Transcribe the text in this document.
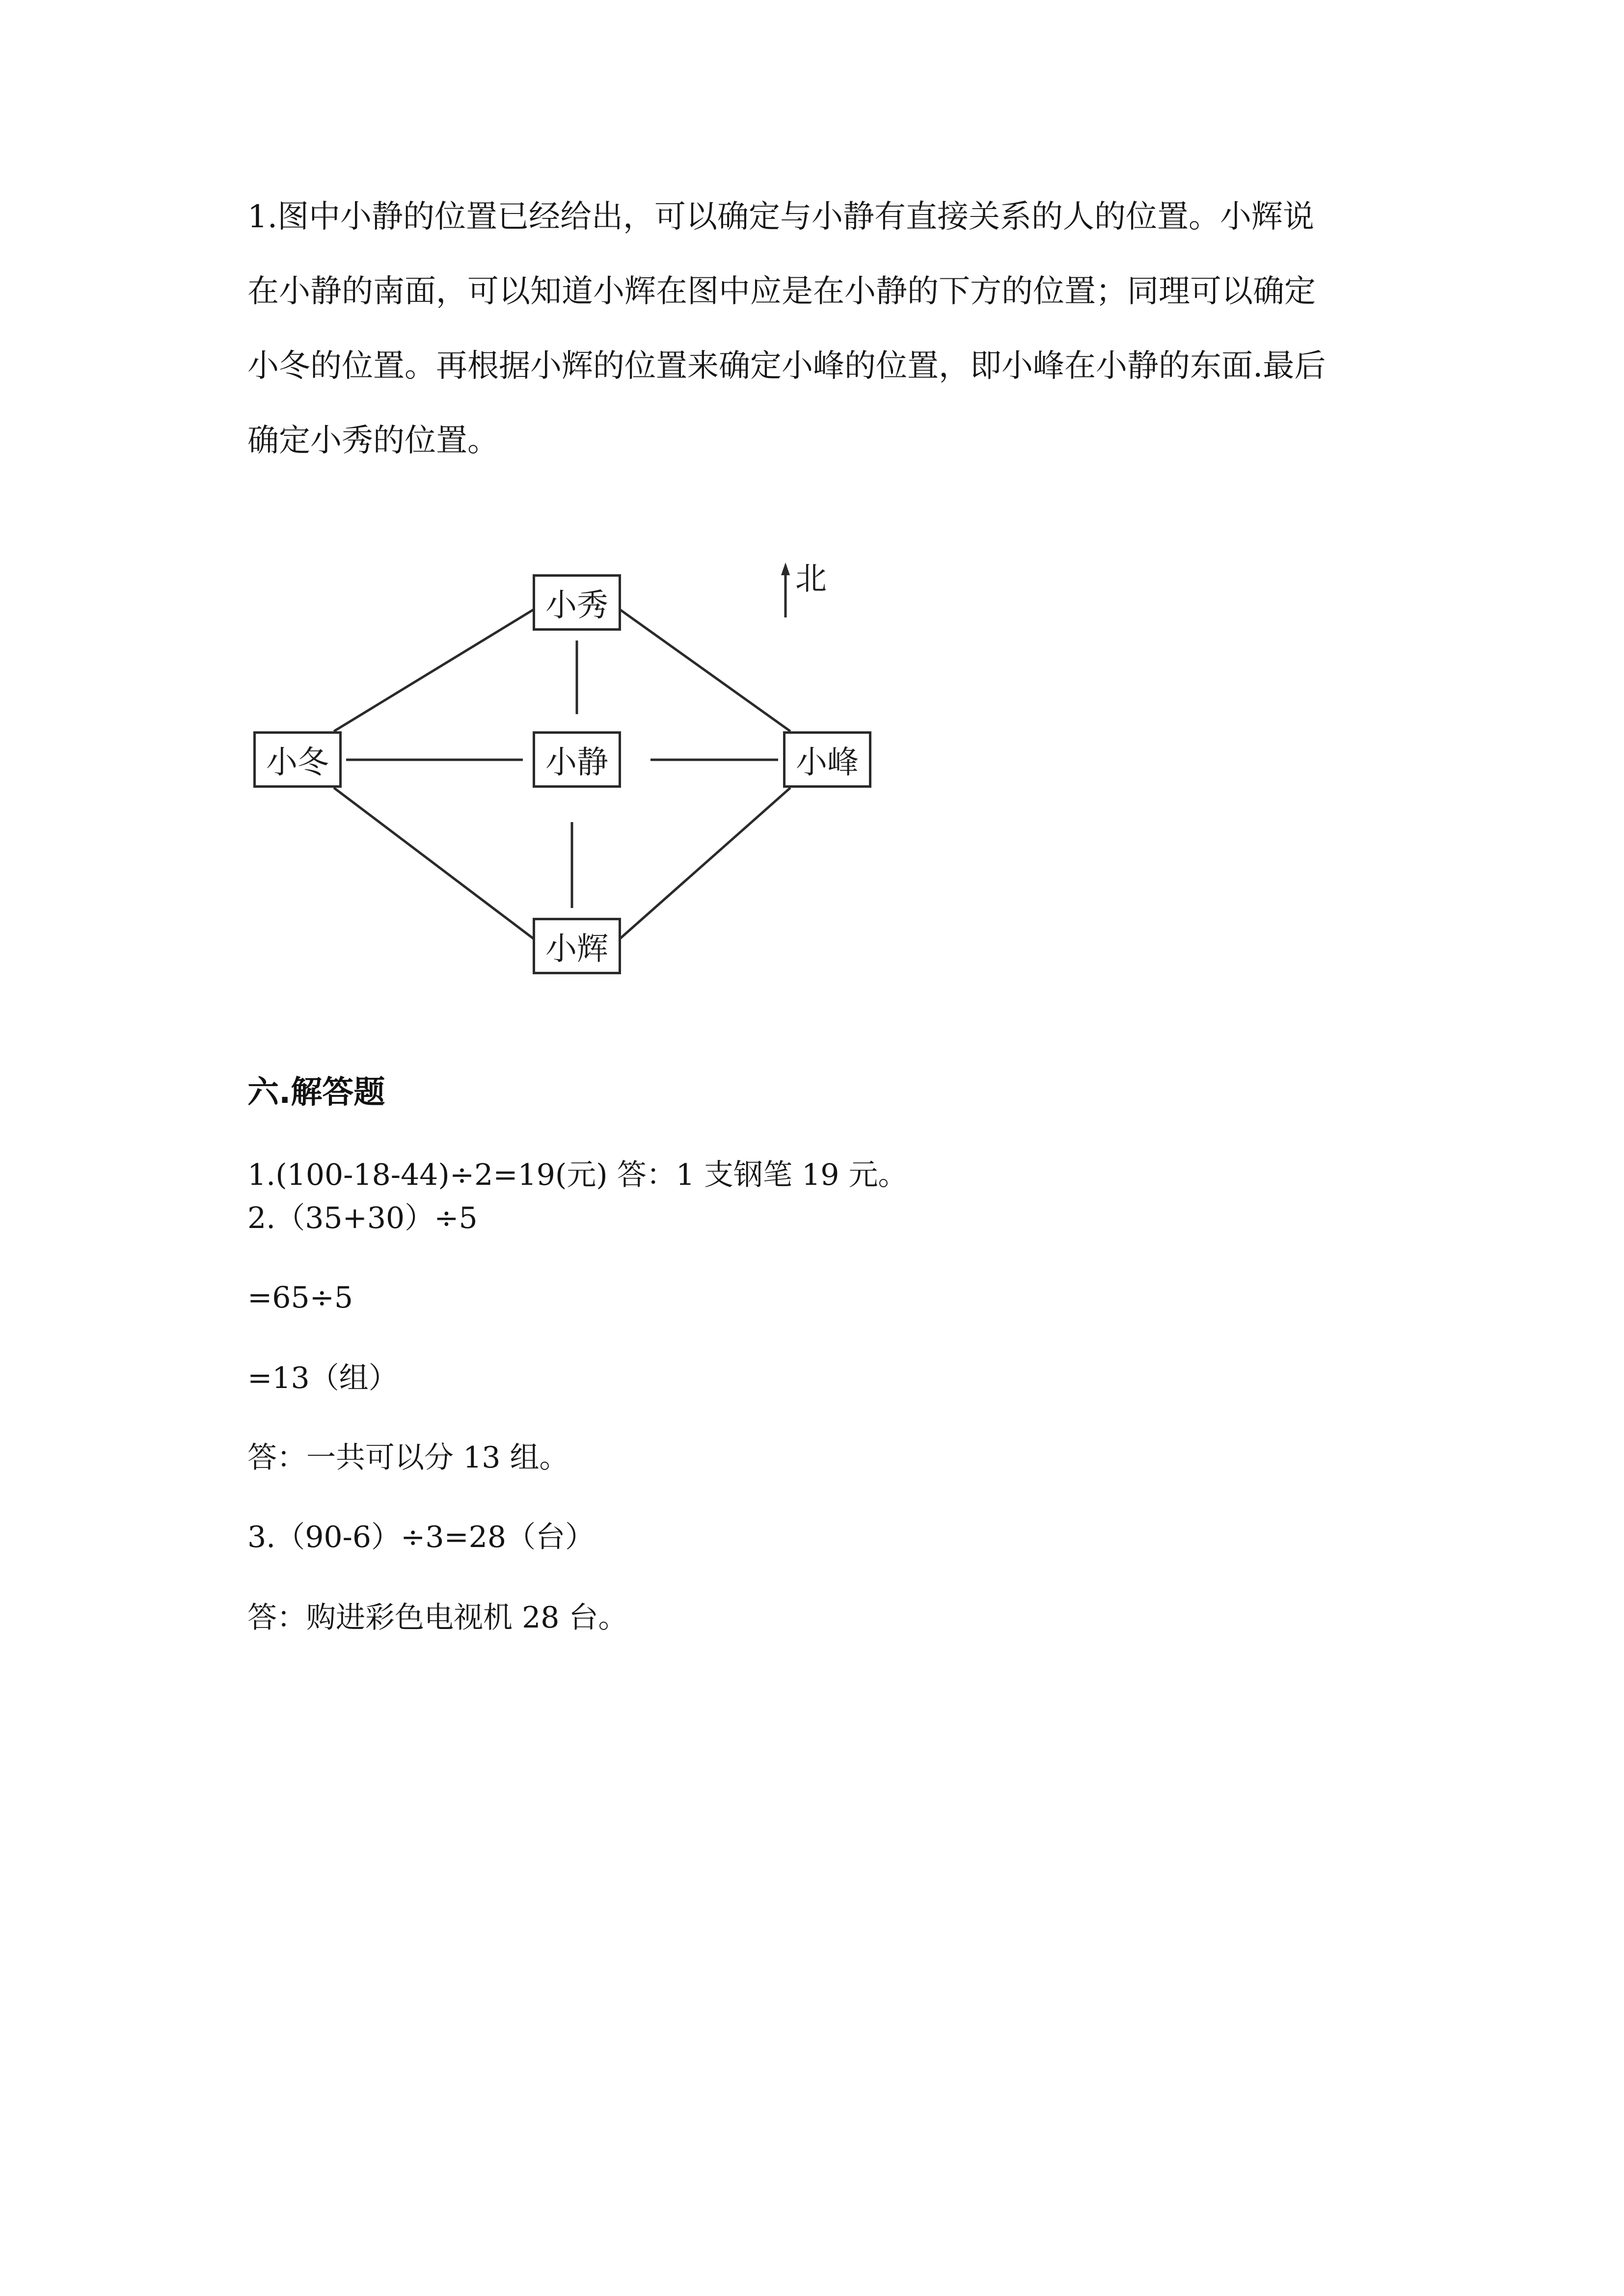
1.图中小静的位置已经给出，可以确定与小静有直接关系的人的位置。小辉说
在小静的南面，可以知道小辉在图中应是在小静的下方的位置；同理可以确定
小冬的位置。再根据小辉的位置来确定小峰的位置，即小峰在小静的东面.最后
确定小秀的位置。
北
小秀
小冬	小静	小峰
小辉
六.解答题
1.(100-18-44)÷2=19(元) 答：1 支钢笔 19 元。
2.（35+30）÷5
=65÷5
=13（组）
答：一共可以分 13 组。
3.（90-6）÷3=28（台）
答：购进彩色电视机 28 台。
